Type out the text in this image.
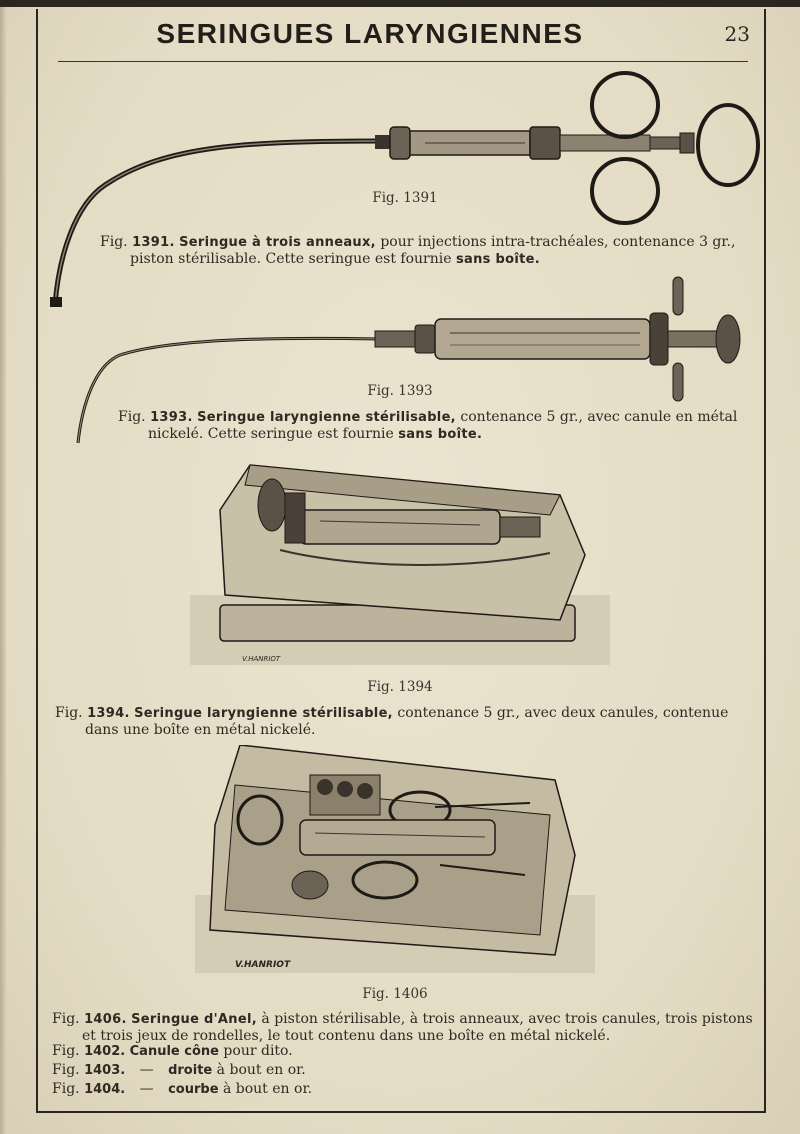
SERINGUES LARYNGIENNES	23
Fig. 1391
Fig. 1391. Seringue à trois anneaux, pour injections intra-trachéales, contenance 3 gr.,
piston stérilisable. Cette seringue est fournie sans boîte.
Fig. 1393
Fig. 1393. Seringue laryngienne stérilisable, contenance 5 gr., avec canule en métal
nickelé. Cette seringue est fournie sans boîte.
V.HANRIOT
Fig. 1394
Fig. 1394. Seringue laryngienne stérilisable, contenance 5 gr., avec deux canules, contenue
dans une boîte en métal nickelé.
V.HANRIOT
Fig. 1406
Fig. 1406. Seringue d'Anel, à piston stérilisable, à trois anneaux, avec trois canules, trois pistons
et trois jeux de rondelles, le tout contenu dans une boîte en métal nickelé.
Fig. 1402. Canule cône pour dito.
Fig. 1403. — droite à bout en or.
Fig. 1404. — courbe à bout en or.
